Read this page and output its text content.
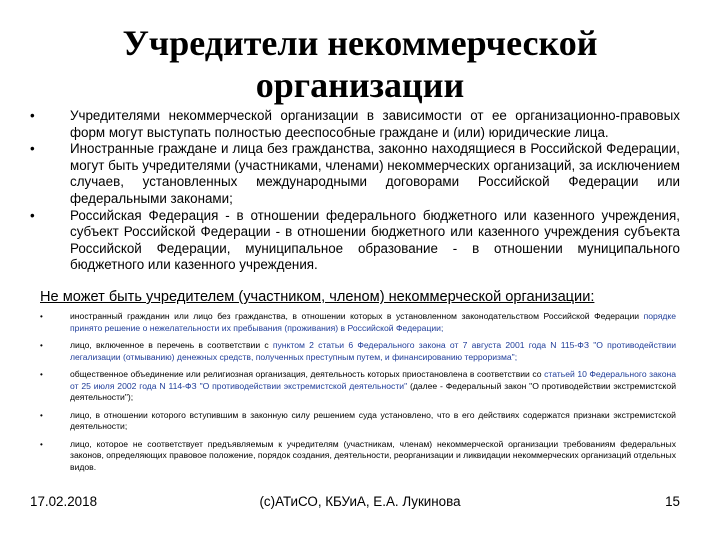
Учредители некоммерческой организации
•	Учредителями некоммерческой организации в зависимости от ее организационно-правовых форм могут выступать полностью дееспособные граждане и (или) юридические лица.
•	Иностранные граждане и лица без гражданства, законно находящиеся в Российской Федерации, могут быть учредителями (участниками, членами) некоммерческих организаций, за исключением случаев, установленных международными договорами Российской Федерации или федеральными законами;
•	Российская Федерация - в отношении федерального бюджетного или казенного учреждения, субъект Российской Федерации - в отношении бюджетного или казенного учреждения субъекта Российской Федерации, муниципальное образование - в отношении муниципального бюджетного или казенного учреждения.
Не может быть учредителем (участником, членом) некоммерческой организации:
•	иностранный гражданин или лицо без гражданства, в отношении которых в установленном законодательством Российской Федерации порядке принято решение о нежелательности их пребывания (проживания) в Российской Федерации;
•	лицо, включенное в перечень в соответствии с пунктом 2 статьи 6 Федерального закона от 7 августа 2001 года N 115-ФЗ "О противодействии легализации (отмыванию) денежных средств, полученных преступным путем, и финансированию терроризма";
•	общественное объединение или религиозная организация, деятельность которых приостановлена в соответствии со статьей 10 Федерального закона от 25 июля 2002 года N 114-ФЗ "О противодействии экстремистской деятельности" (далее - Федеральный закон "О противодействии экстремистской деятельности");
•	лицо, в отношении которого вступившим в законную силу решением суда установлено, что в его действиях содержатся признаки экстремистской деятельности;
•	лицо, которое не соответствует предъявляемым к учредителям (участникам, членам) некоммерческой организации требованиям федеральных законов, определяющих правовое положение, порядок создания, деятельности, реорганизации и ликвидации некоммерческих организаций отдельных видов.
17.02.2018	(с)АТиСО, КБУиА, Е.А. Лукинова	15
